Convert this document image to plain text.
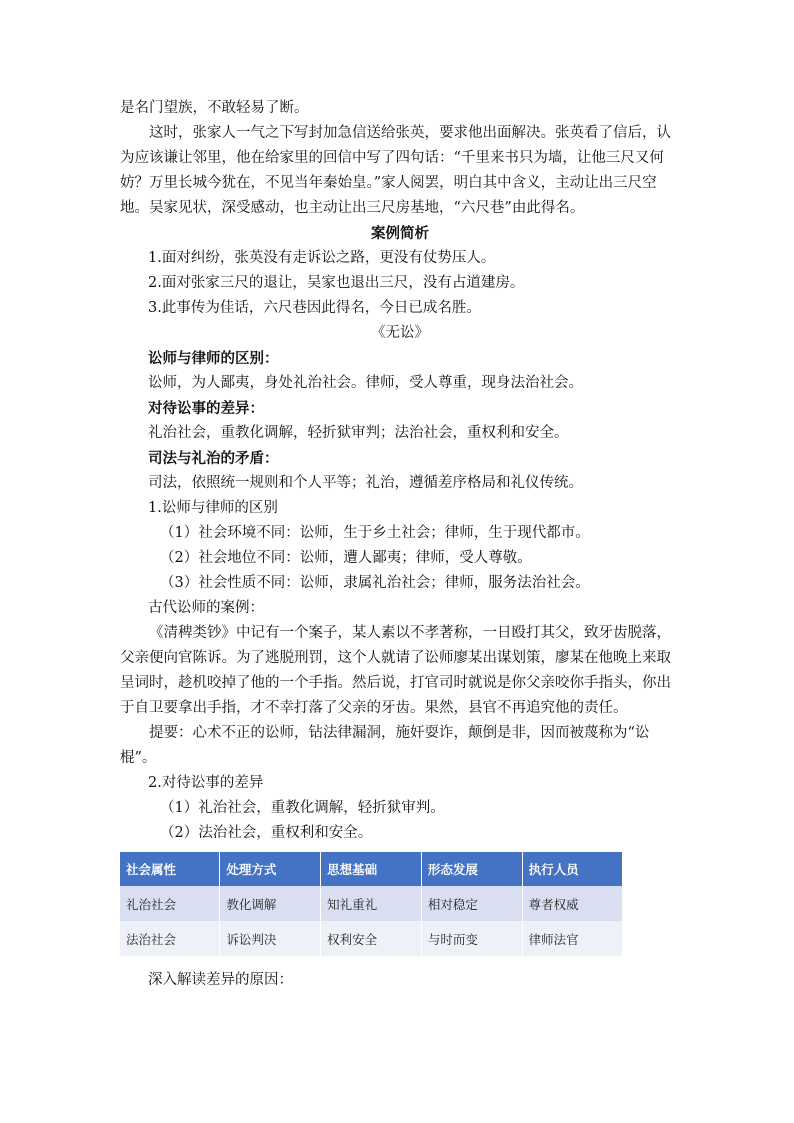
是名门望族，不敢轻易了断。

这时，张家人一气之下写封加急信送给张英，要求他出面解决。张英看了信后，认为应该谦让邻里，他在给家里的回信中写了四句话：“千里来书只为墙，让他三尺又何妨？万里长城今犹在，不见当年秦始皇。”家人阅罢，明白其中含义，主动让出三尺空地。吴家见状，深受感动，也主动让出三尺房基地，“六尺巷”由此得名。

案例简析

1.面对纠纷，张英没有走诉讼之路，更没有仗势压人。

2.面对张家三尺的退让，吴家也退出三尺，没有占道建房。

3.此事传为佳话，六尺巷因此得名，今日已成名胜。

《无讼》

讼师与律师的区别：

讼师，为人鄙夷，身处礼治社会。律师，受人尊重，现身法治社会。

对待讼事的差异：

礼治社会，重教化调解，轻折狱审判；法治社会，重权利和安全。

司法与礼治的矛盾：

司法，依照统一规则和个人平等；礼治，遵循差序格局和礼仪传统。

1.讼师与律师的区别

（1）社会环境不同：讼师，生于乡土社会；律师，生于现代都市。

（2）社会地位不同：讼师，遭人鄙夷；律师，受人尊敬。

（3）社会性质不同：讼师，隶属礼治社会；律师，服务法治社会。

古代讼师的案例：

《清稗类钞》中记有一个案子，某人素以不孝著称，一日殴打其父，致牙齿脱落，父亲便向官陈诉。为了逃脱刑罚，这个人就请了讼师廖某出谋划策，廖某在他晚上来取呈词时，趁机咬掉了他的一个手指。然后说，打官司时就说是你父亲咬你手指头，你出于自卫要拿出手指，才不幸打落了父亲的牙齿。果然，县官不再追究他的责任。

提要：心术不正的讼师，钻法律漏洞，施奸耍诈，颠倒是非，因而被蔑称为“讼棍”。

2.对待讼事的差异

（1）礼治社会，重教化调解，轻折狱审判。

（2）法治社会，重权利和安全。

社会属性	处理方式	思想基础	形态发展	执行人员
礼治社会	教化调解	知礼重礼	相对稳定	尊者权威
法治社会	诉讼判决	权利安全	与时而变	律师法官

深入解读差异的原因：
